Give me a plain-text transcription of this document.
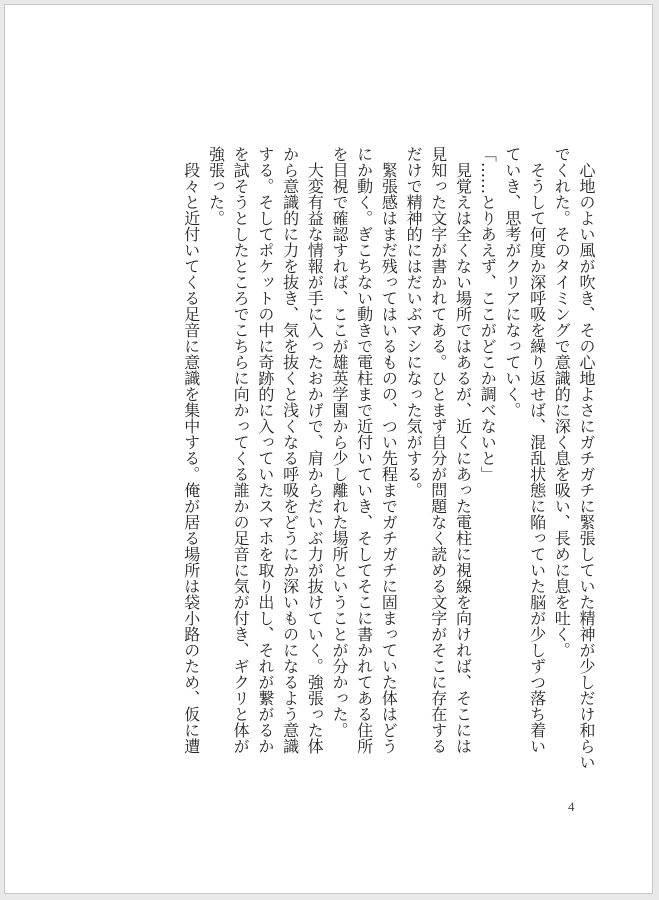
　心地のよい風が吹き、その心地よさにガチガチに緊張していた精神が少しだけ和らい

でくれた。そのタイミングで意識的に深く息を吸い、長めに息を吐く。

　そうして何度か深呼吸を繰り返せば、混乱状態に陥っていた脳が少しずつ落ち着い

ていき、思考がクリアになっていく。

「……とりあえず、ここがどこか調べないと」

　見覚えは全くない場所ではあるが、近くにあった電柱に視線を向ければ、そこには

見知った文字が書かれてある。ひとまず自分が問題なく読める文字がそこに存在する

だけで精神的にはだいぶマシになった気がする。

　緊張感はまだ残ってはいるものの、つい先程までガチガチに固まっていた体はどう

にか動く。ぎこちない動きで電柱まで近付いていき、そしてそこに書かれてある住所

を目視で確認すれば、ここが雄英学園から少し離れた場所ということが分かった。

　大変有益な情報が手に入ったおかげで、肩からだいぶ力が抜けていく。強張った体

から意識的に力を抜き、気を抜くと浅くなる呼吸をどうにか深いものになるよう意識

する。そしてポケットの中に奇跡的に入っていたスマホを取り出し、それが繋がるか

を試そうとしたところでこちらに向かってくる誰かの足音に気が付き、ギクリと体が

強張った。

　段々と近付いてくる足音に意識を集中する。俺が居る場所は袋小路のため、仮に遭

4
